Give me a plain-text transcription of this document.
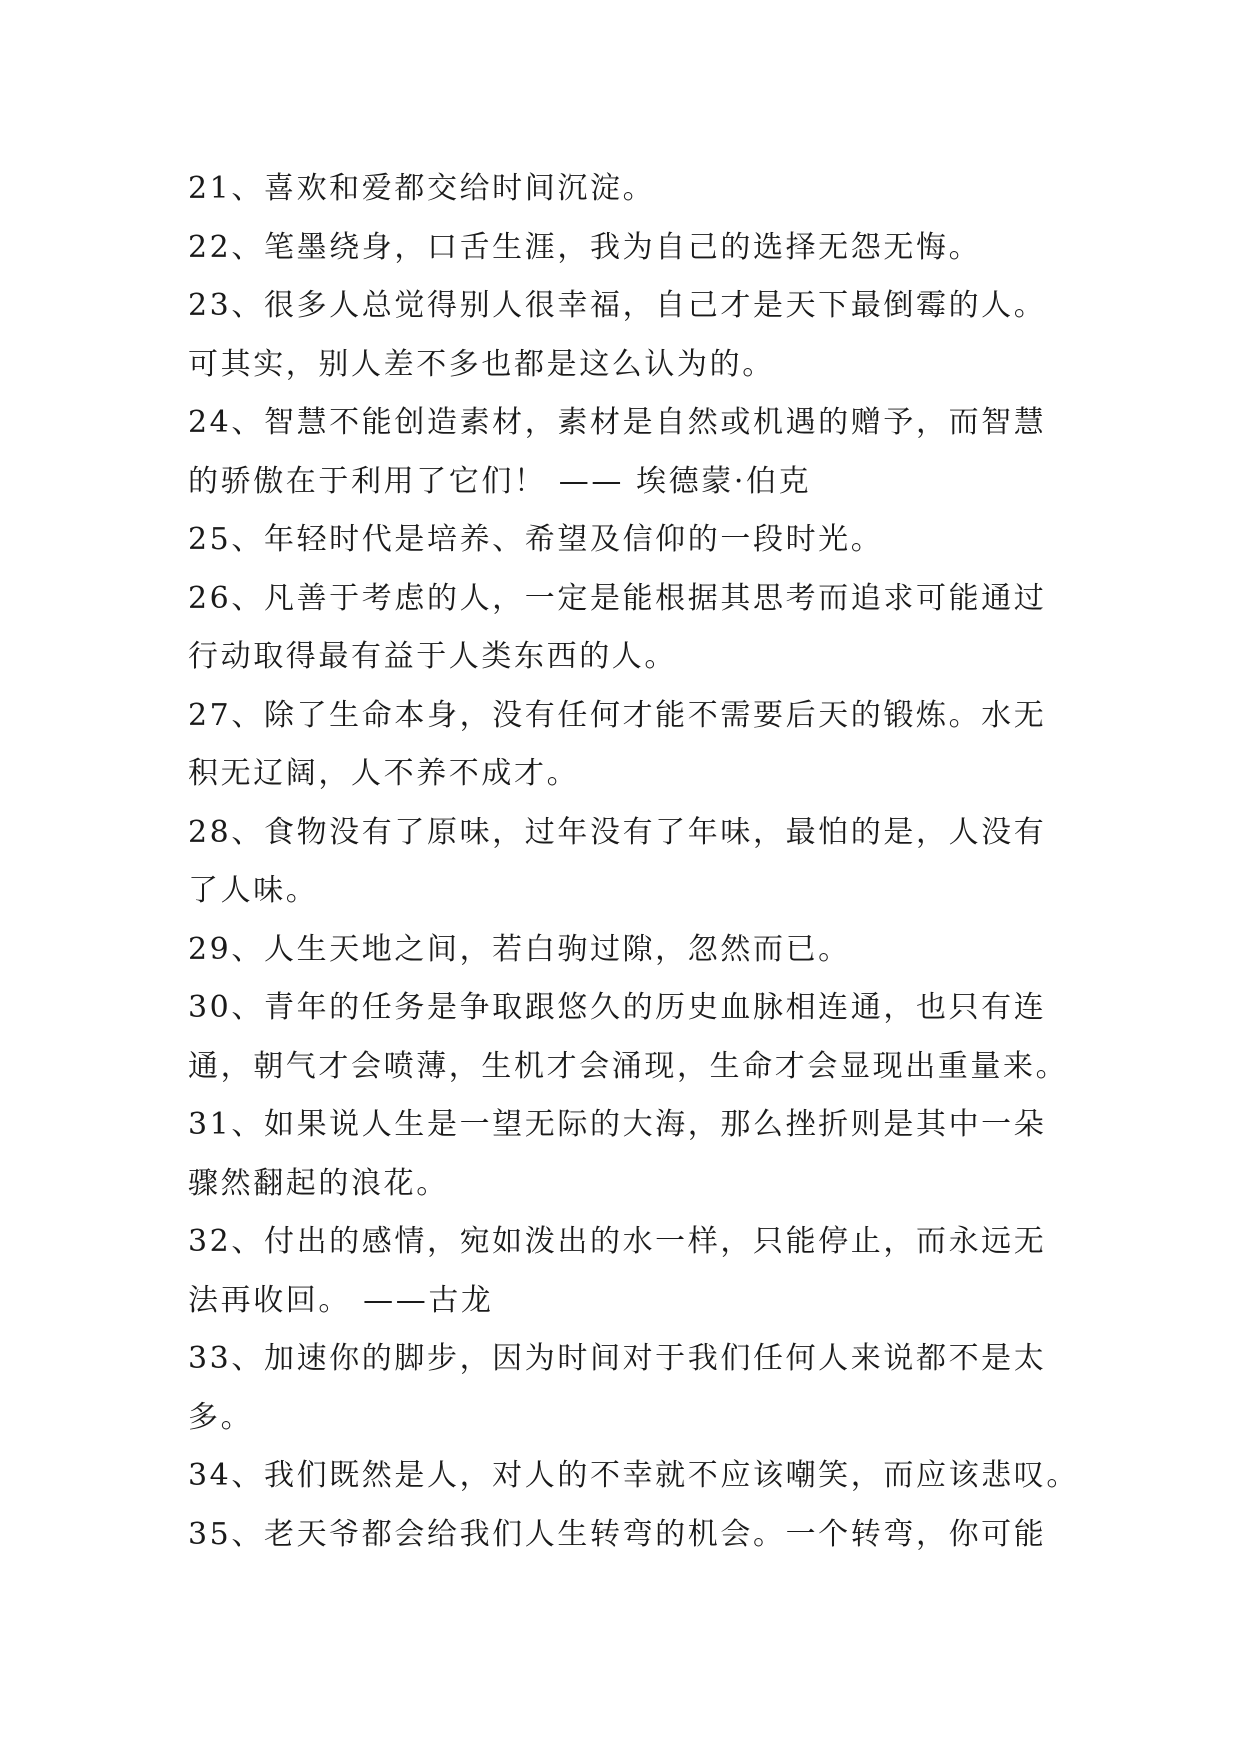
21、喜欢和爱都交给时间沉淀。
22、笔墨绕身，口舌生涯，我为自己的选择无怨无悔。
23、很多人总觉得别人很幸福，自己才是天下最倒霉的人。
可其实，别人差不多也都是这么认为的。
24、智慧不能创造素材，素材是自然或机遇的赠予，而智慧
的骄傲在于利用了它们！ —— 埃德蒙·伯克
25、年轻时代是培养、希望及信仰的一段时光。
26、凡善于考虑的人，一定是能根据其思考而追求可能通过
行动取得最有益于人类东西的人。
27、除了生命本身，没有任何才能不需要后天的锻炼。水无
积无辽阔，人不养不成才。
28、食物没有了原味，过年没有了年味，最怕的是，人没有
了人味。
29、人生天地之间，若白驹过隙，忽然而已。
30、青年的任务是争取跟悠久的历史血脉相连通，也只有连
通，朝气才会喷薄，生机才会涌现，生命才会显现出重量来。
31、如果说人生是一望无际的大海，那么挫折则是其中一朵
骤然翻起的浪花。
32、付出的感情，宛如泼出的水一样，只能停止，而永远无
法再收回。 ——古龙
33、加速你的脚步，因为时间对于我们任何人来说都不是太
多。
34、我们既然是人，对人的不幸就不应该嘲笑，而应该悲叹。
35、老天爷都会给我们人生转弯的机会。一个转弯，你可能
